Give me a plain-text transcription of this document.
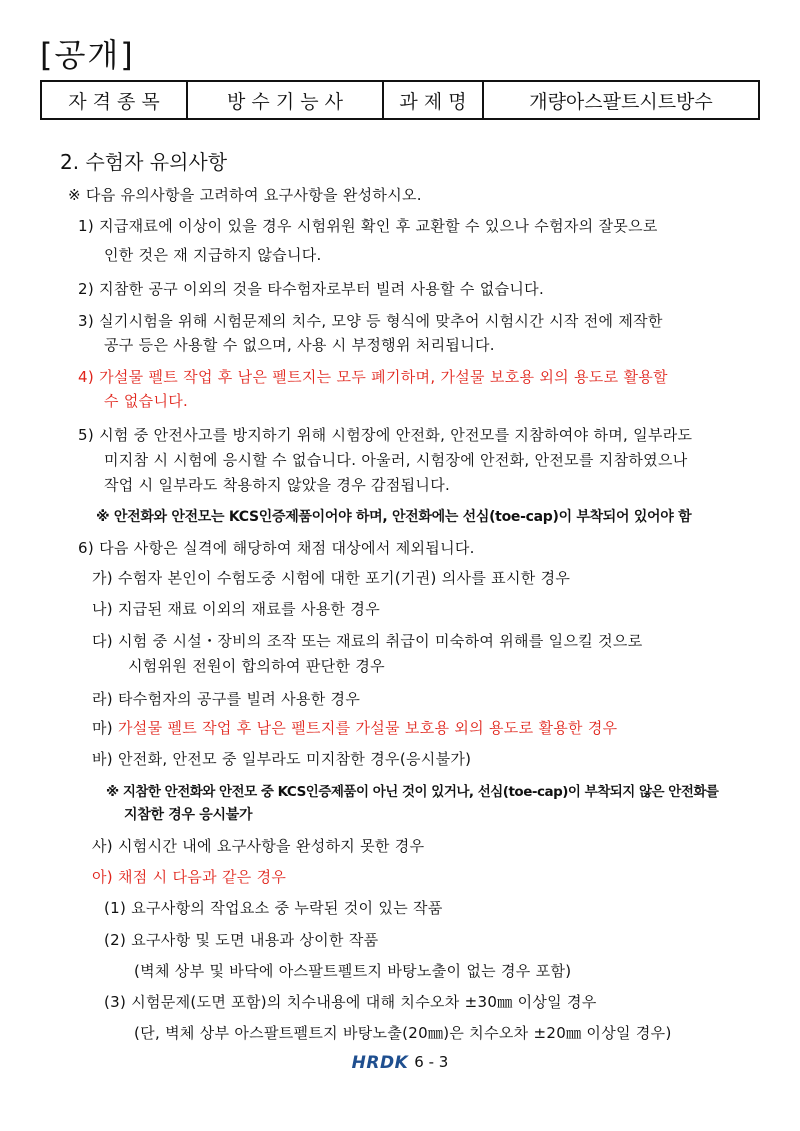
[공개]
자 격 종 목	방 수 기 능 사	과 제 명	개량아스팔트시트방수
2. 수험자 유의사항
※ 다음 유의사항을 고려하여 요구사항을 완성하시오.
1) 지급재료에 이상이 있을 경우 시험위원 확인 후 교환할 수 있으나 수험자의 잘못으로
인한 것은 재 지급하지 않습니다.
2) 지참한 공구 이외의 것을 타수험자로부터 빌려 사용할 수 없습니다.
3) 실기시험을 위해 시험문제의 치수, 모양 등 형식에 맞추어 시험시간 시작 전에 제작한
공구 등은 사용할 수 없으며, 사용 시 부정행위 처리됩니다.
4) 가설물 펠트 작업 후 남은 펠트지는 모두 폐기하며, 가설물 보호용 외의 용도로 활용할
수 없습니다.
5) 시험 중 안전사고를 방지하기 위해 시험장에 안전화, 안전모를 지참하여야 하며, 일부라도
미지참 시 시험에 응시할 수 없습니다. 아울러, 시험장에 안전화, 안전모를 지참하였으나
작업 시 일부라도 착용하지 않았을 경우 감점됩니다.
※ 안전화와 안전모는 KCS인증제품이어야 하며, 안전화에는 선심(toe-cap)이 부착되어 있어야 함
6) 다음 사항은 실격에 해당하여 채점 대상에서 제외됩니다.
가) 수험자 본인이 수험도중 시험에 대한 포기(기권) 의사를 표시한 경우
나) 지급된 재료 이외의 재료를 사용한 경우
다) 시험 중 시설・장비의 조작 또는 재료의 취급이 미숙하여 위해를 일으킬 것으로
시험위원 전원이 합의하여 판단한 경우
라) 타수험자의 공구를 빌려 사용한 경우
마) 가설물 펠트 작업 후 남은 펠트지를 가설물 보호용 외의 용도로 활용한 경우
바) 안전화, 안전모 중 일부라도 미지참한 경우(응시불가)
※ 지참한 안전화와 안전모 중 KCS인증제품이 아닌 것이 있거나, 선심(toe-cap)이 부착되지 않은 안전화를
지참한 경우 응시불가
사) 시험시간 내에 요구사항을 완성하지 못한 경우
아) 채점 시 다음과 같은 경우
(1) 요구사항의 작업요소 중 누락된 것이 있는 작품
(2) 요구사항 및 도면 내용과 상이한 작품
(벽체 상부 및 바닥에 아스팔트펠트지 바탕노출이 없는 경우 포함)
(3) 시험문제(도면 포함)의 치수내용에 대해 치수오차 ±30㎜ 이상일 경우
(단, 벽체 상부 아스팔트펠트지 바탕노출(20㎜)은 치수오차 ±20㎜ 이상일 경우)
HRDK 6 - 3
